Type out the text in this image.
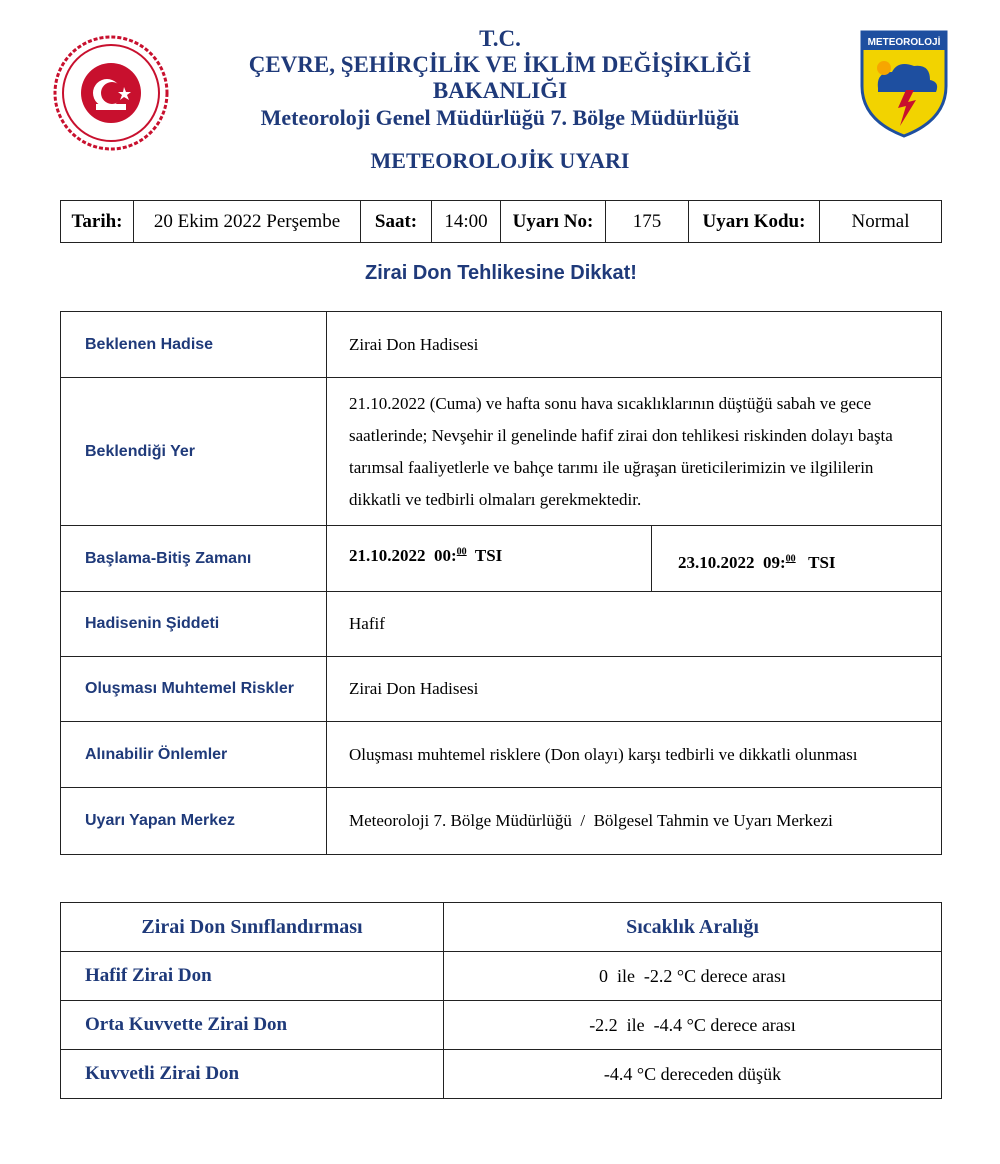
T.C.
ÇEVRE, ŞEHİRÇİLİK VE İKLİM DEĞİŞİKLİĞİ
BAKANLIĞI
Meteoroloji Genel Müdürlüğü 7. Bölge Müdürlüğü
METEOROLOJİK UYARI
METEOROLOJİ
Tarih:	20 Ekim 2022 Perşembe	Saat:	14:00	Uyarı No:	175	Uyarı Kodu:	Normal
Zirai Don Tehlikesine Dikkat!
Beklenen Hadise	Zirai Don Hadisesi	
Beklendiği Yer	21.10.2022 (Cuma) ve hafta sonu hava sıcaklıklarının düştüğü sabah ve gece saatlerinde; Nevşehir il genelinde hafif zirai don tehlikesi riskinden dolayı başta tarımsal faaliyetlerle ve bahçe tarımı ile uğraşan üreticilerimizin ve ilgililerin dikkatli ve tedbirli olmaları gerekmektedir.	
Başlama-Bitiş Zamanı	21.10.2022 00:$^{00}$ TSI	23.10.2022 09:$^{00}$ TSI
Hadisenin Şiddeti	Hafif	
Oluşması Muhtemel Riskler	Zirai Don Hadisesi	
Alınabilir Önlemler	Oluşması muhtemel risklere (Don olayı) karşı tedbirli ve dikkatli olunması	
Uyarı Yapan Merkez	Meteoroloji 7. Bölge Müdürlüğü  /  Bölgesel Tahmin ve Uyarı Merkezi	
Zirai Don Sınıflandırması	Sıcaklık Aralığı
Hafif Zirai Don	0  ile  -2.2 °C derece arası
Orta Kuvvette Zirai Don	-2.2  ile  -4.4 °C derece arası
Kuvvetli Zirai Don	-4.4 °C dereceden düşük
